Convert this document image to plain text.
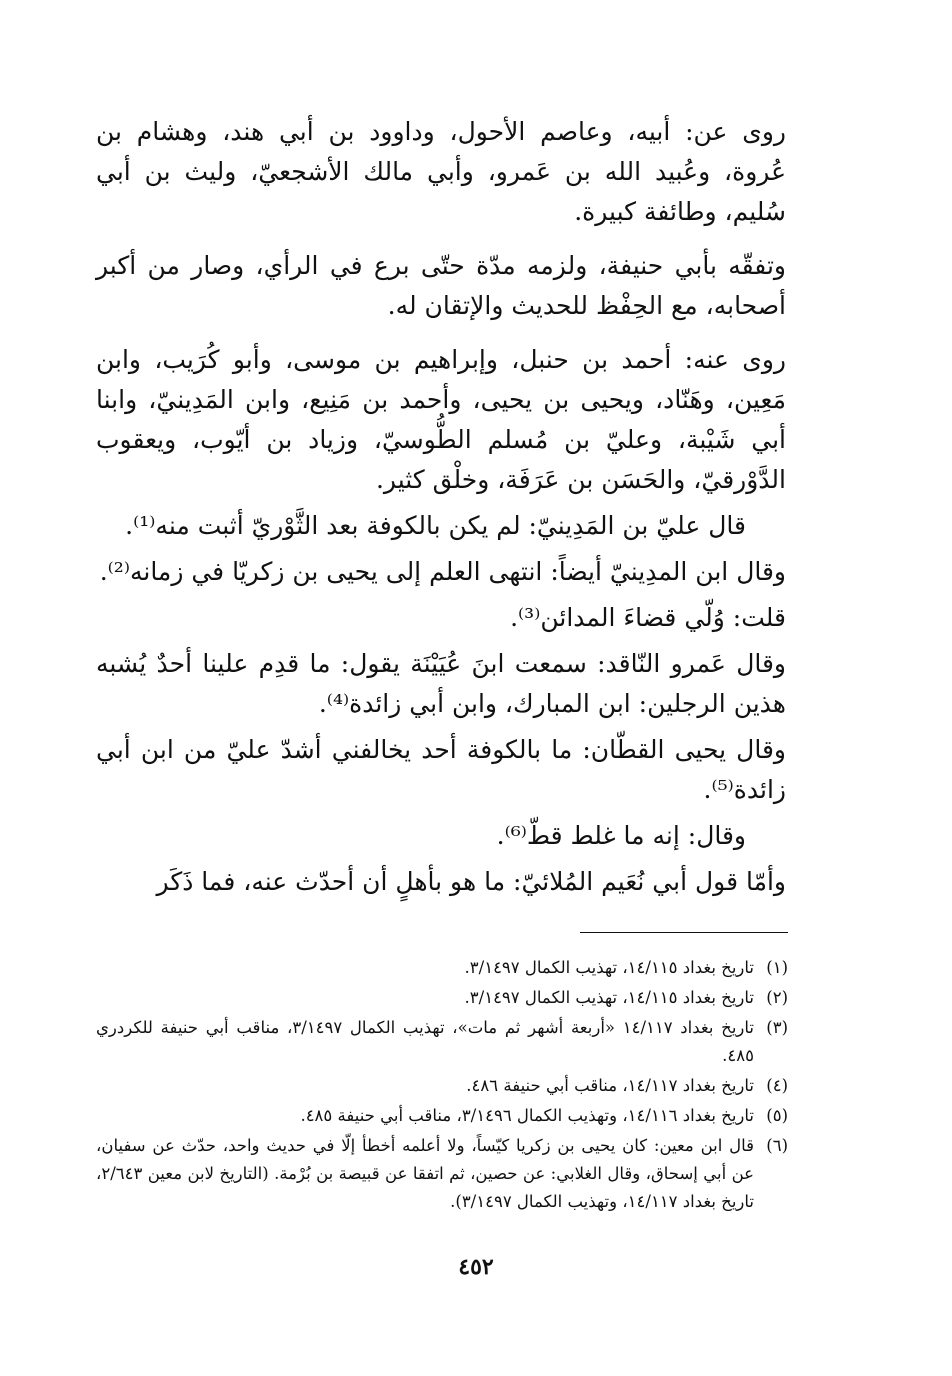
روى عن: أبيه، وعاصم الأحول، وداوود بن أبي هند، وهشام بن عُروة، وعُبيد الله بن عَمرو، وأبي مالك الأشجعيّ، وليث بن أبي سُليم، وطائفة كبيرة.

وتفقّه بأبي حنيفة، ولزمه مدّة حتّى برع في الرأي، وصار من أكبر أصحابه، مع الحِفْظ للحديث والإتقان له.

روى عنه: أحمد بن حنبل، وإبراهيم بن موسى، وأبو كُرَيب، وابن مَعِين، وهَنّاد، ويحيى بن يحيى، وأحمد بن مَنِيع، وابن المَدِينيّ، وابنا أبي شَيْبة، وعليّ بن مُسلم الطُّوسيّ، وزياد بن أيّوب، ويعقوب الدَّوْرقيّ، والحَسَن بن عَرَفَة، وخلْق كثير.

قال عليّ بن المَدِينيّ: لم يكن بالكوفة بعد الثَّوْريّ أثبت منه⁽¹⁾.

وقال ابن المدِينيّ أيضاً: انتهى العلم إلى يحيى بن زكريّا في زمانه⁽²⁾.

قلت: وُلّي قضاءَ المدائن⁽³⁾.

وقال عَمرو النّاقد: سمعت ابنَ عُيَيْنَة يقول: ما قدِم علينا أحدٌ يُشبه هذين الرجلين: ابن المبارك، وابن أبي زائدة⁽⁴⁾.

وقال يحيى القطّان: ما بالكوفة أحد يخالفني أشدّ عليّ من ابن أبي زائدة⁽⁵⁾.

وقال: إنه ما غلط قطّ⁽⁶⁾.

وأمّا قول أبي نُعَيم المُلائيّ: ما هو بأهلٍ أن أحدّث عنه، فما ذَكَر

(١)
تاريخ بغداد ١٤/١١٥، تهذيب الكمال ٣/١٤٩٧.
(٢)
تاريخ بغداد ١٤/١١٥، تهذيب الكمال ٣/١٤٩٧.
(٣)
تاريخ بغداد ١٤/١١٧ «أربعة أشهر ثم مات»، تهذيب الكمال ٣/١٤٩٧، مناقب أبي حنيفة للكردري ٤٨٥.
(٤)
تاريخ بغداد ١٤/١١٧، مناقب أبي حنيفة ٤٨٦.
(٥)
تاريخ بغداد ١٤/١١٦، وتهذيب الكمال ٣/١٤٩٦، مناقب أبي حنيفة ٤٨٥.
(٦)
قال ابن معين: كان يحيى بن زكريا كيّساً، ولا أعلمه أخطأ إلّا في حديث واحد، حدّث عن سفيان، عن أبي إسحاق، وقال الغلابي: عن حصين، ثم اتفقا عن قبيصة بن بُرْمة. (التاريخ لابن معين ٢/٦٤٣، تاريخ بغداد ١٤/١١٧، وتهذيب الكمال ٣/١٤٩٧).
٤٥٢
